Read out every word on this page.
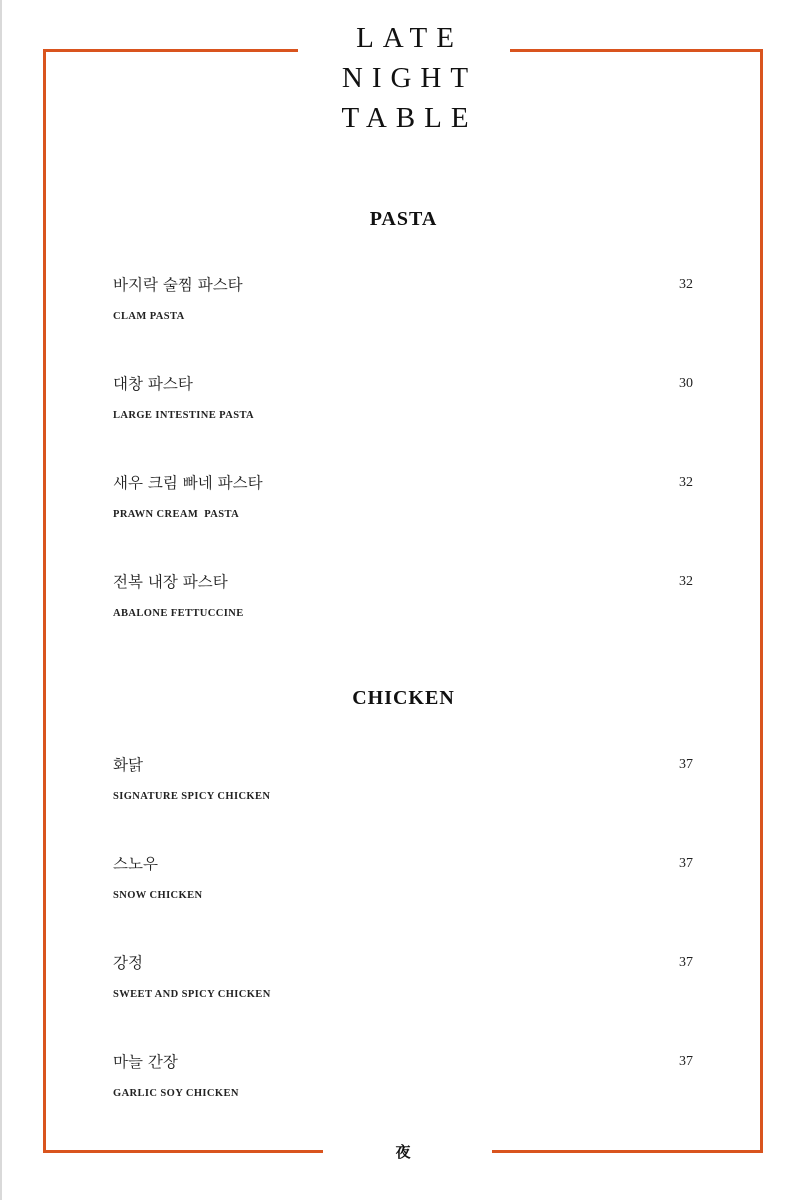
LATE
NIGHT
TABLE
PASTA
바지락 술찜 파스타
CLAM PASTA
32
대창 파스타
LARGE INTESTINE PASTA
30
새우 크림 빠네 파스타
PRAWN CREAM  PASTA
32
전복 내장 파스타
ABALONE FETTUCCINE
32
CHICKEN
화닭
SIGNATURE SPICY CHICKEN
37
스노우
SNOW CHICKEN
37
강정
SWEET AND SPICY CHICKEN
37
마늘 간장
GARLIC SOY CHICKEN
37
夜
